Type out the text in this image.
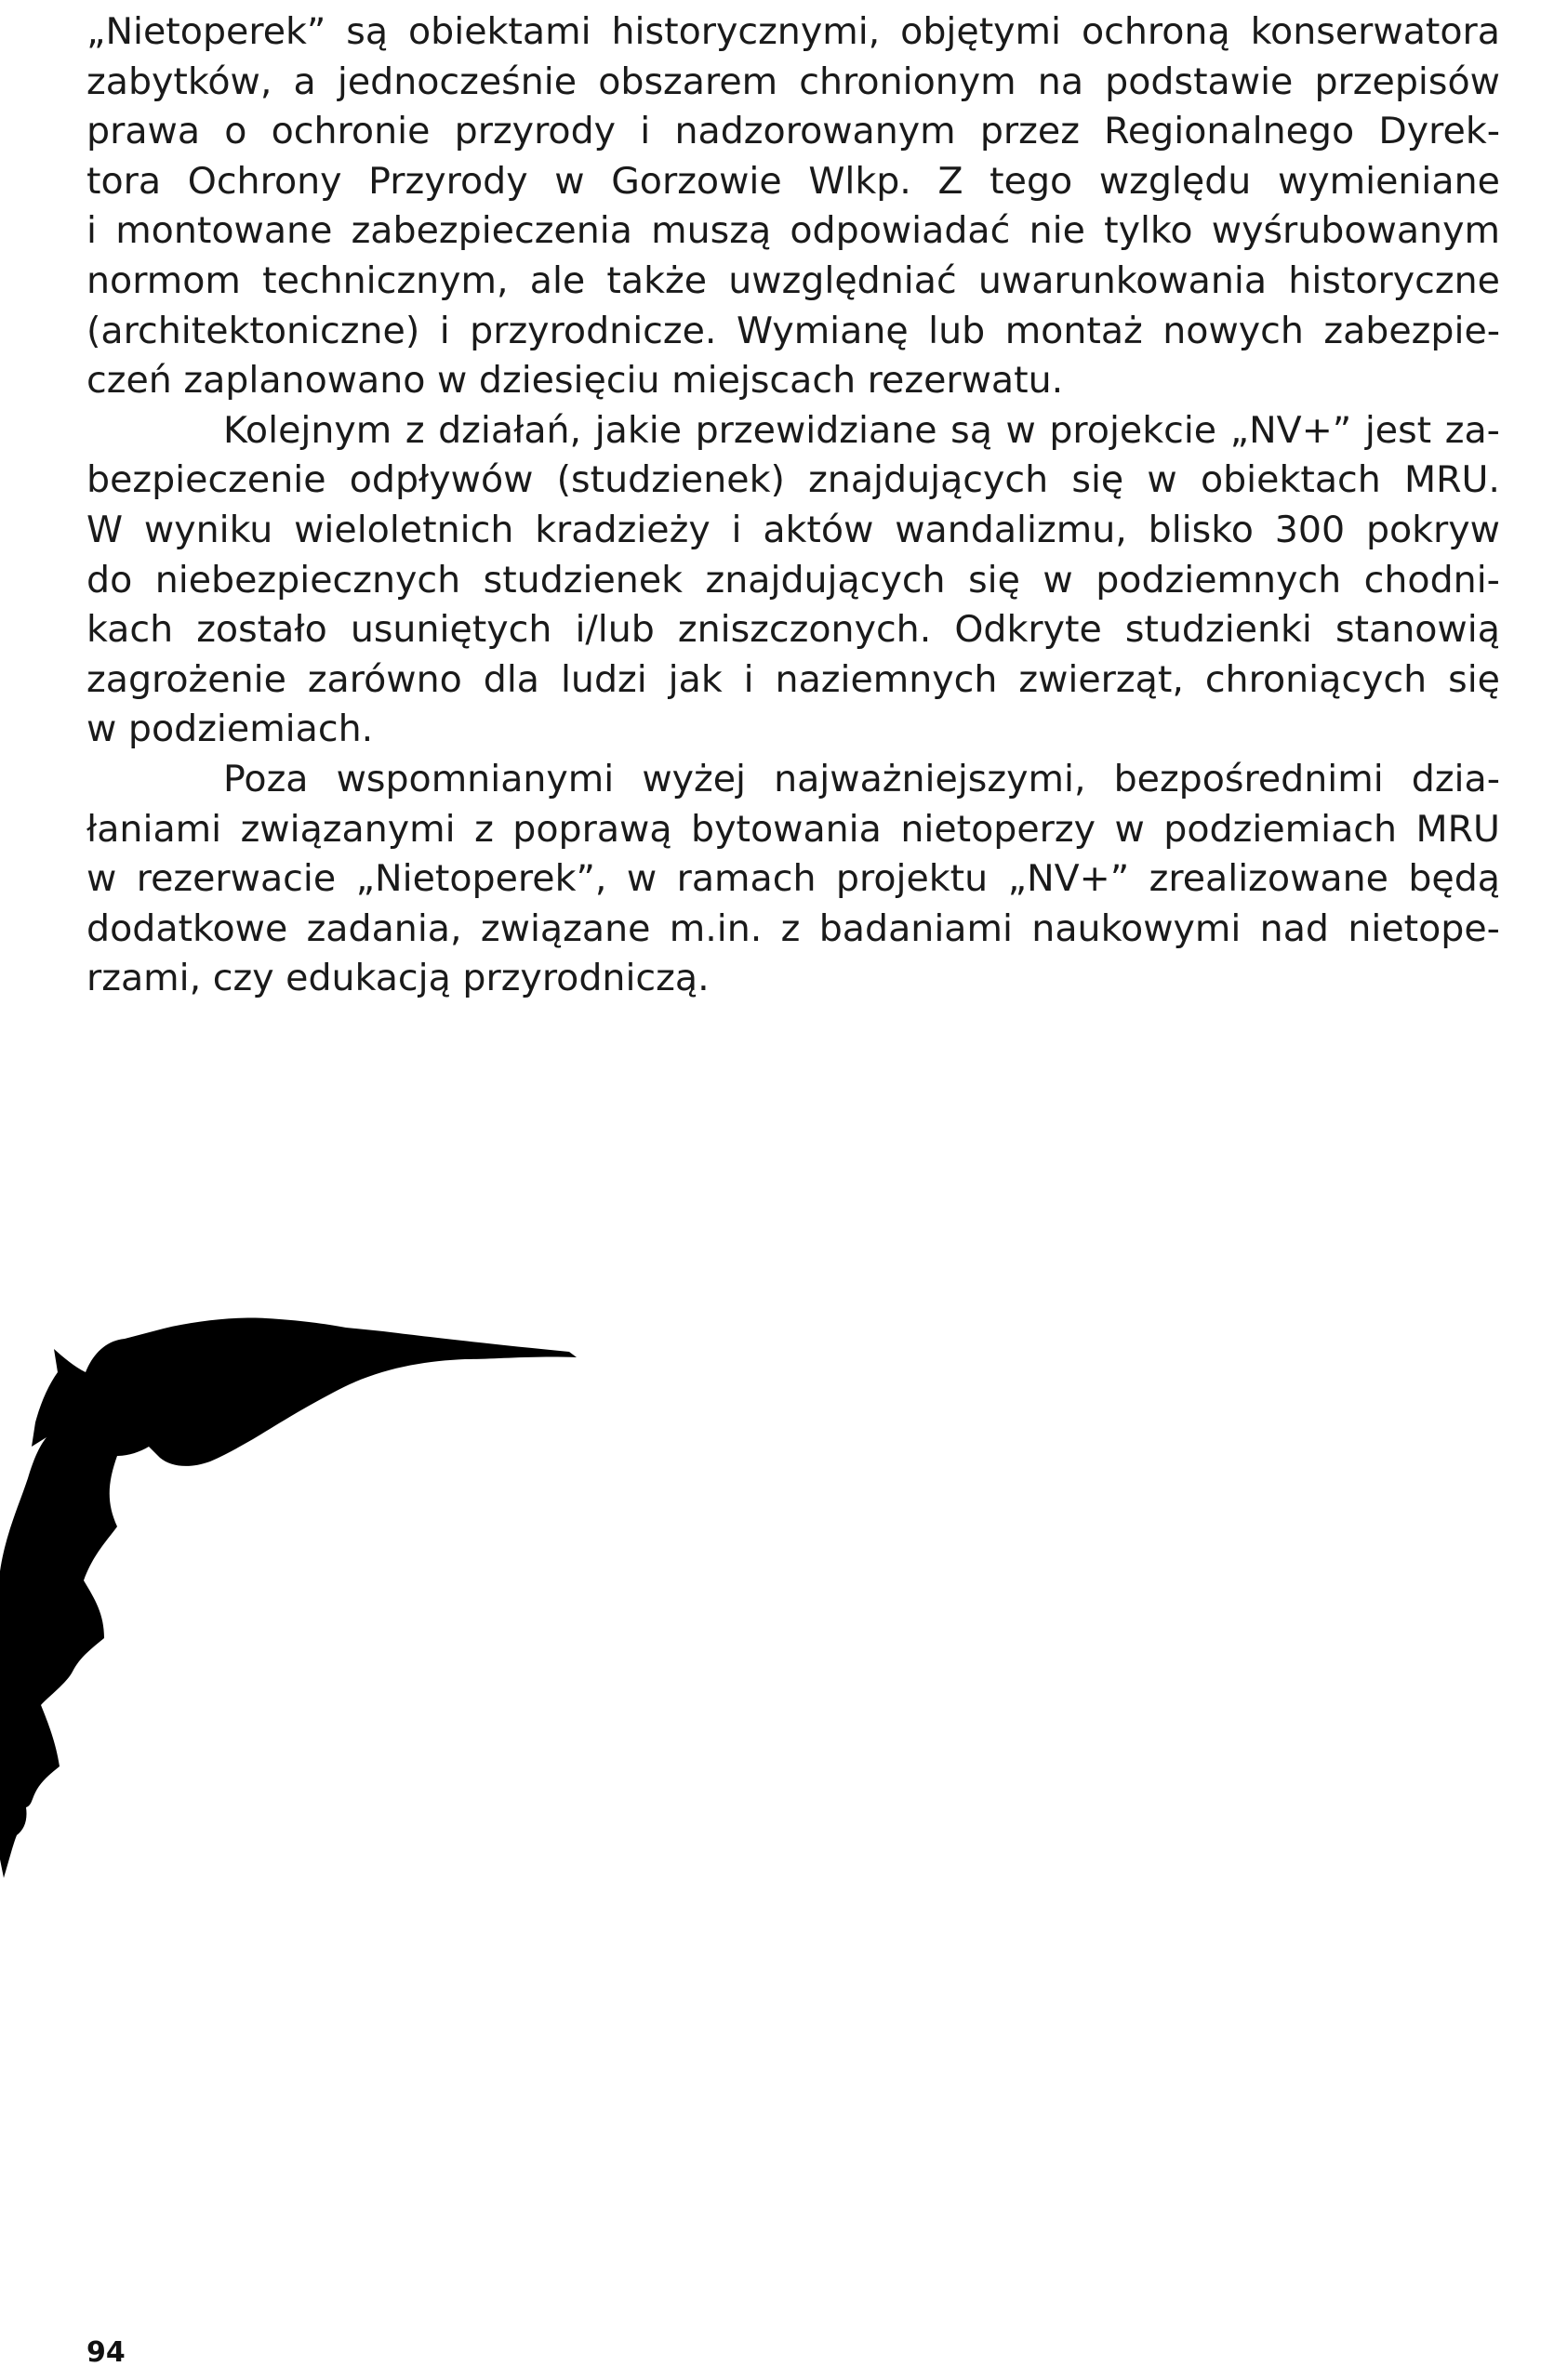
„Nietoperek” są obiektami historycznymi, objętymi ochroną konserwatora
zabytków, a jednocześnie obszarem chronionym na podstawie przepisów
prawa o ochronie przyrody i nadzorowanym przez Regionalnego Dyrek-
tora Ochrony Przyrody w Gorzowie Wlkp. Z tego względu wymieniane
i montowane zabezpieczenia muszą odpowiadać nie tylko wyśrubowanym
normom technicznym, ale także uwzględniać uwarunkowania historyczne
(architektoniczne) i przyrodnicze. Wymianę lub montaż nowych zabezpie-
czeń zaplanowano w dziesięciu miejscach rezerwatu.
Kolejnym z działań, jakie przewidziane są w projekcie „NV+” jest za-
bezpieczenie odpływów (studzienek) znajdujących się w obiektach MRU.
W wyniku wieloletnich kradzieży i aktów wandalizmu, blisko 300 pokryw
do niebezpiecznych studzienek znajdujących się w podziemnych chodni-
kach zostało usuniętych i/lub zniszczonych. Odkryte studzienki stanowią
zagrożenie zarówno dla ludzi jak i naziemnych zwierząt, chroniących się
w podziemiach.
Poza wspomnianymi wyżej najważniejszymi, bezpośrednimi dzia-
łaniami związanymi z poprawą bytowania nietoperzy w podziemiach MRU
w rezerwacie „Nietoperek”, w ramach projektu „NV+” zrealizowane będą
dodatkowe zadania, związane m.in. z badaniami naukowymi nad nietope-
rzami, czy edukacją przyrodniczą.
94
